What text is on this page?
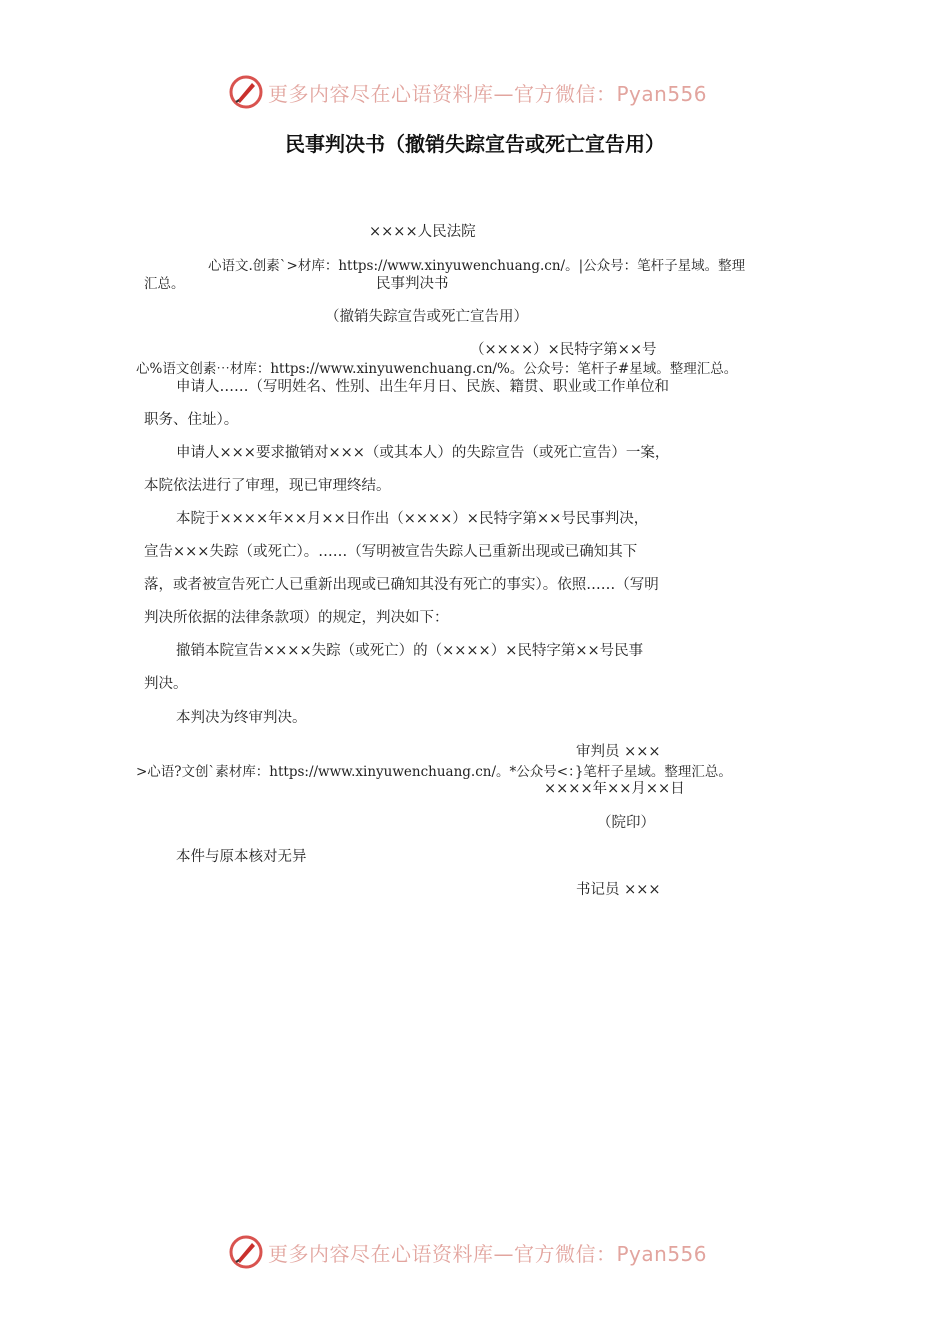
更多内容尽在心语资料库—官方微信：Pyan556
民事判决书（撤销失踪宣告或死亡宣告用）
××××人民法院
心语文.创素`>材库：https://www.xinyuwenchuang.cn/。|公众号：笔杆子星域。整理
汇总。	民事判决书
（撤销失踪宣告或死亡宣告用）
（××××）×民特字第××号
心%语文创素⋯材库：https://www.xinyuwenchuang.cn/%。公众号：笔杆子#星域。整理汇总。
申请人……（写明姓名、性别、出生年月日、民族、籍贯、职业或工作单位和
职务、住址）。
申请人×××要求撤销对×××（或其本人）的失踪宣告（或死亡宣告）一案，
本院依法进行了审理，现已审理终结。
本院于××××年××月××日作出（××××）×民特字第××号民事判决，
宣告×××失踪（或死亡）。……（写明被宣告失踪人已重新出现或已确知其下
落，或者被宣告死亡人已重新出现或已确知其没有死亡的事实）。依照……（写明
判决所依据的法律条款项）的规定，判决如下：
撤销本院宣告××××失踪（或死亡）的（××××）×民特字第××号民事
判决。
本判决为终审判决。
审判员 ×××
>心语?文创`素材库：https://www.xinyuwenchuang.cn/。*公众号<：}笔杆子星域。整理汇总。
××××年××月××日
（院印）
本件与原本核对无异
书记员 ×××
更多内容尽在心语资料库—官方微信：Pyan556
